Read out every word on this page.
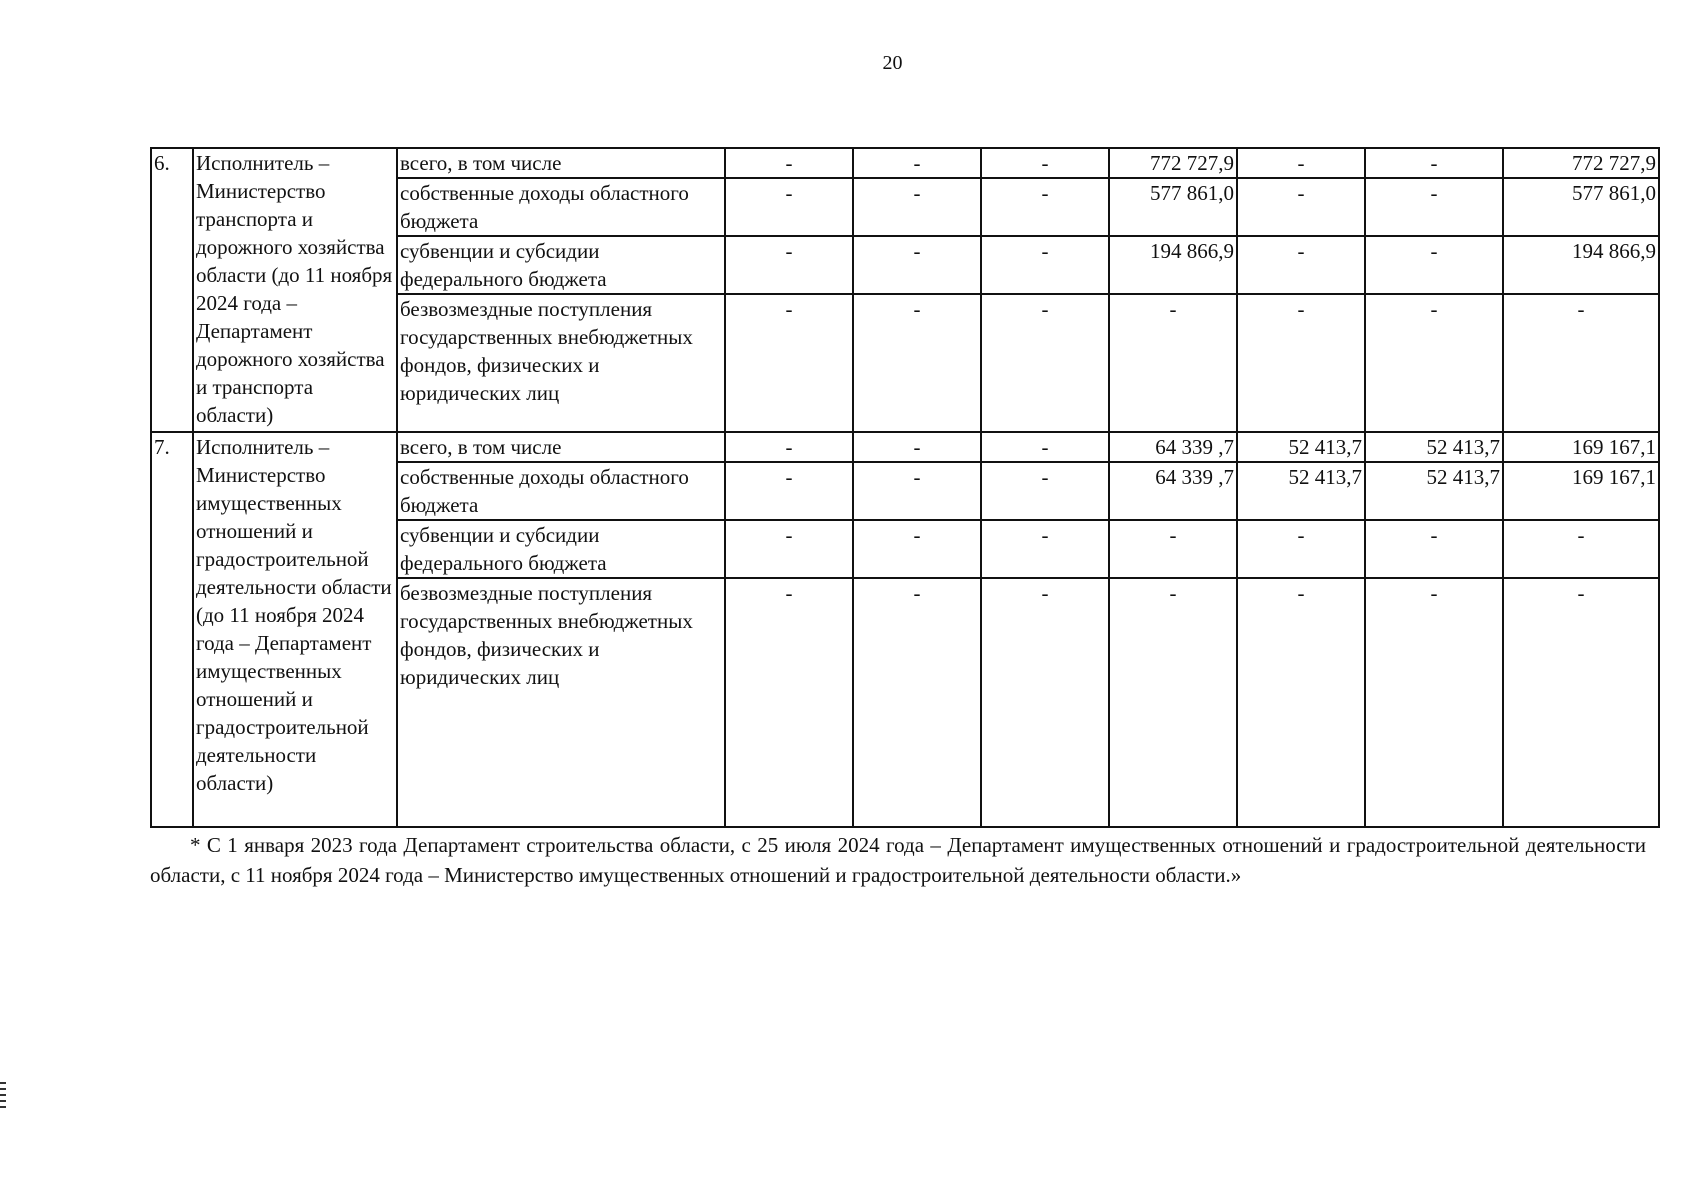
20
6.	Исполнитель – Министерство транспорта и дорожного хозяйства области (до 11 ноября 2024 года – Департамент дорожного хозяйства и транспорта области)	всего, в том числе	-	-	-	772 727,9	-	-	772 727,9
		собственные доходы областного бюджета	-	-	-	577 861,0	-	-	577 861,0
		субвенции и субсидии федерального бюджета	-	-	-	194 866,9	-	-	194 866,9
		безвозмездные поступления государственных внебюджетных фондов, физических и юридических лиц	-	-	-	-	-	-	-
7.	Исполнитель – Министерство имущественных отношений и градостроительной деятельности области (до 11 ноября 2024 года – Департамент имущественных отношений и градостроительной деятельности области)	всего, в том числе	-	-	-	64 339 ,7	52 413,7	52 413,7	169 167,1
		собственные доходы областного бюджета	-	-	-	64 339 ,7	52 413,7	52 413,7	169 167,1
		субвенции и субсидии федерального бюджета	-	-	-	-	-	-	-
		безвозмездные поступления государственных внебюджетных фондов, физических и юридических лиц	-	-	-	-	-	-	-
* С 1 января 2023 года Департамент строительства области, с 25 июля 2024 года – Департамент имущественных отношений и градостроительной деятельности области, с 11 ноября 2024 года – Министерство имущественных отношений и градостроительной деятельности области.»
